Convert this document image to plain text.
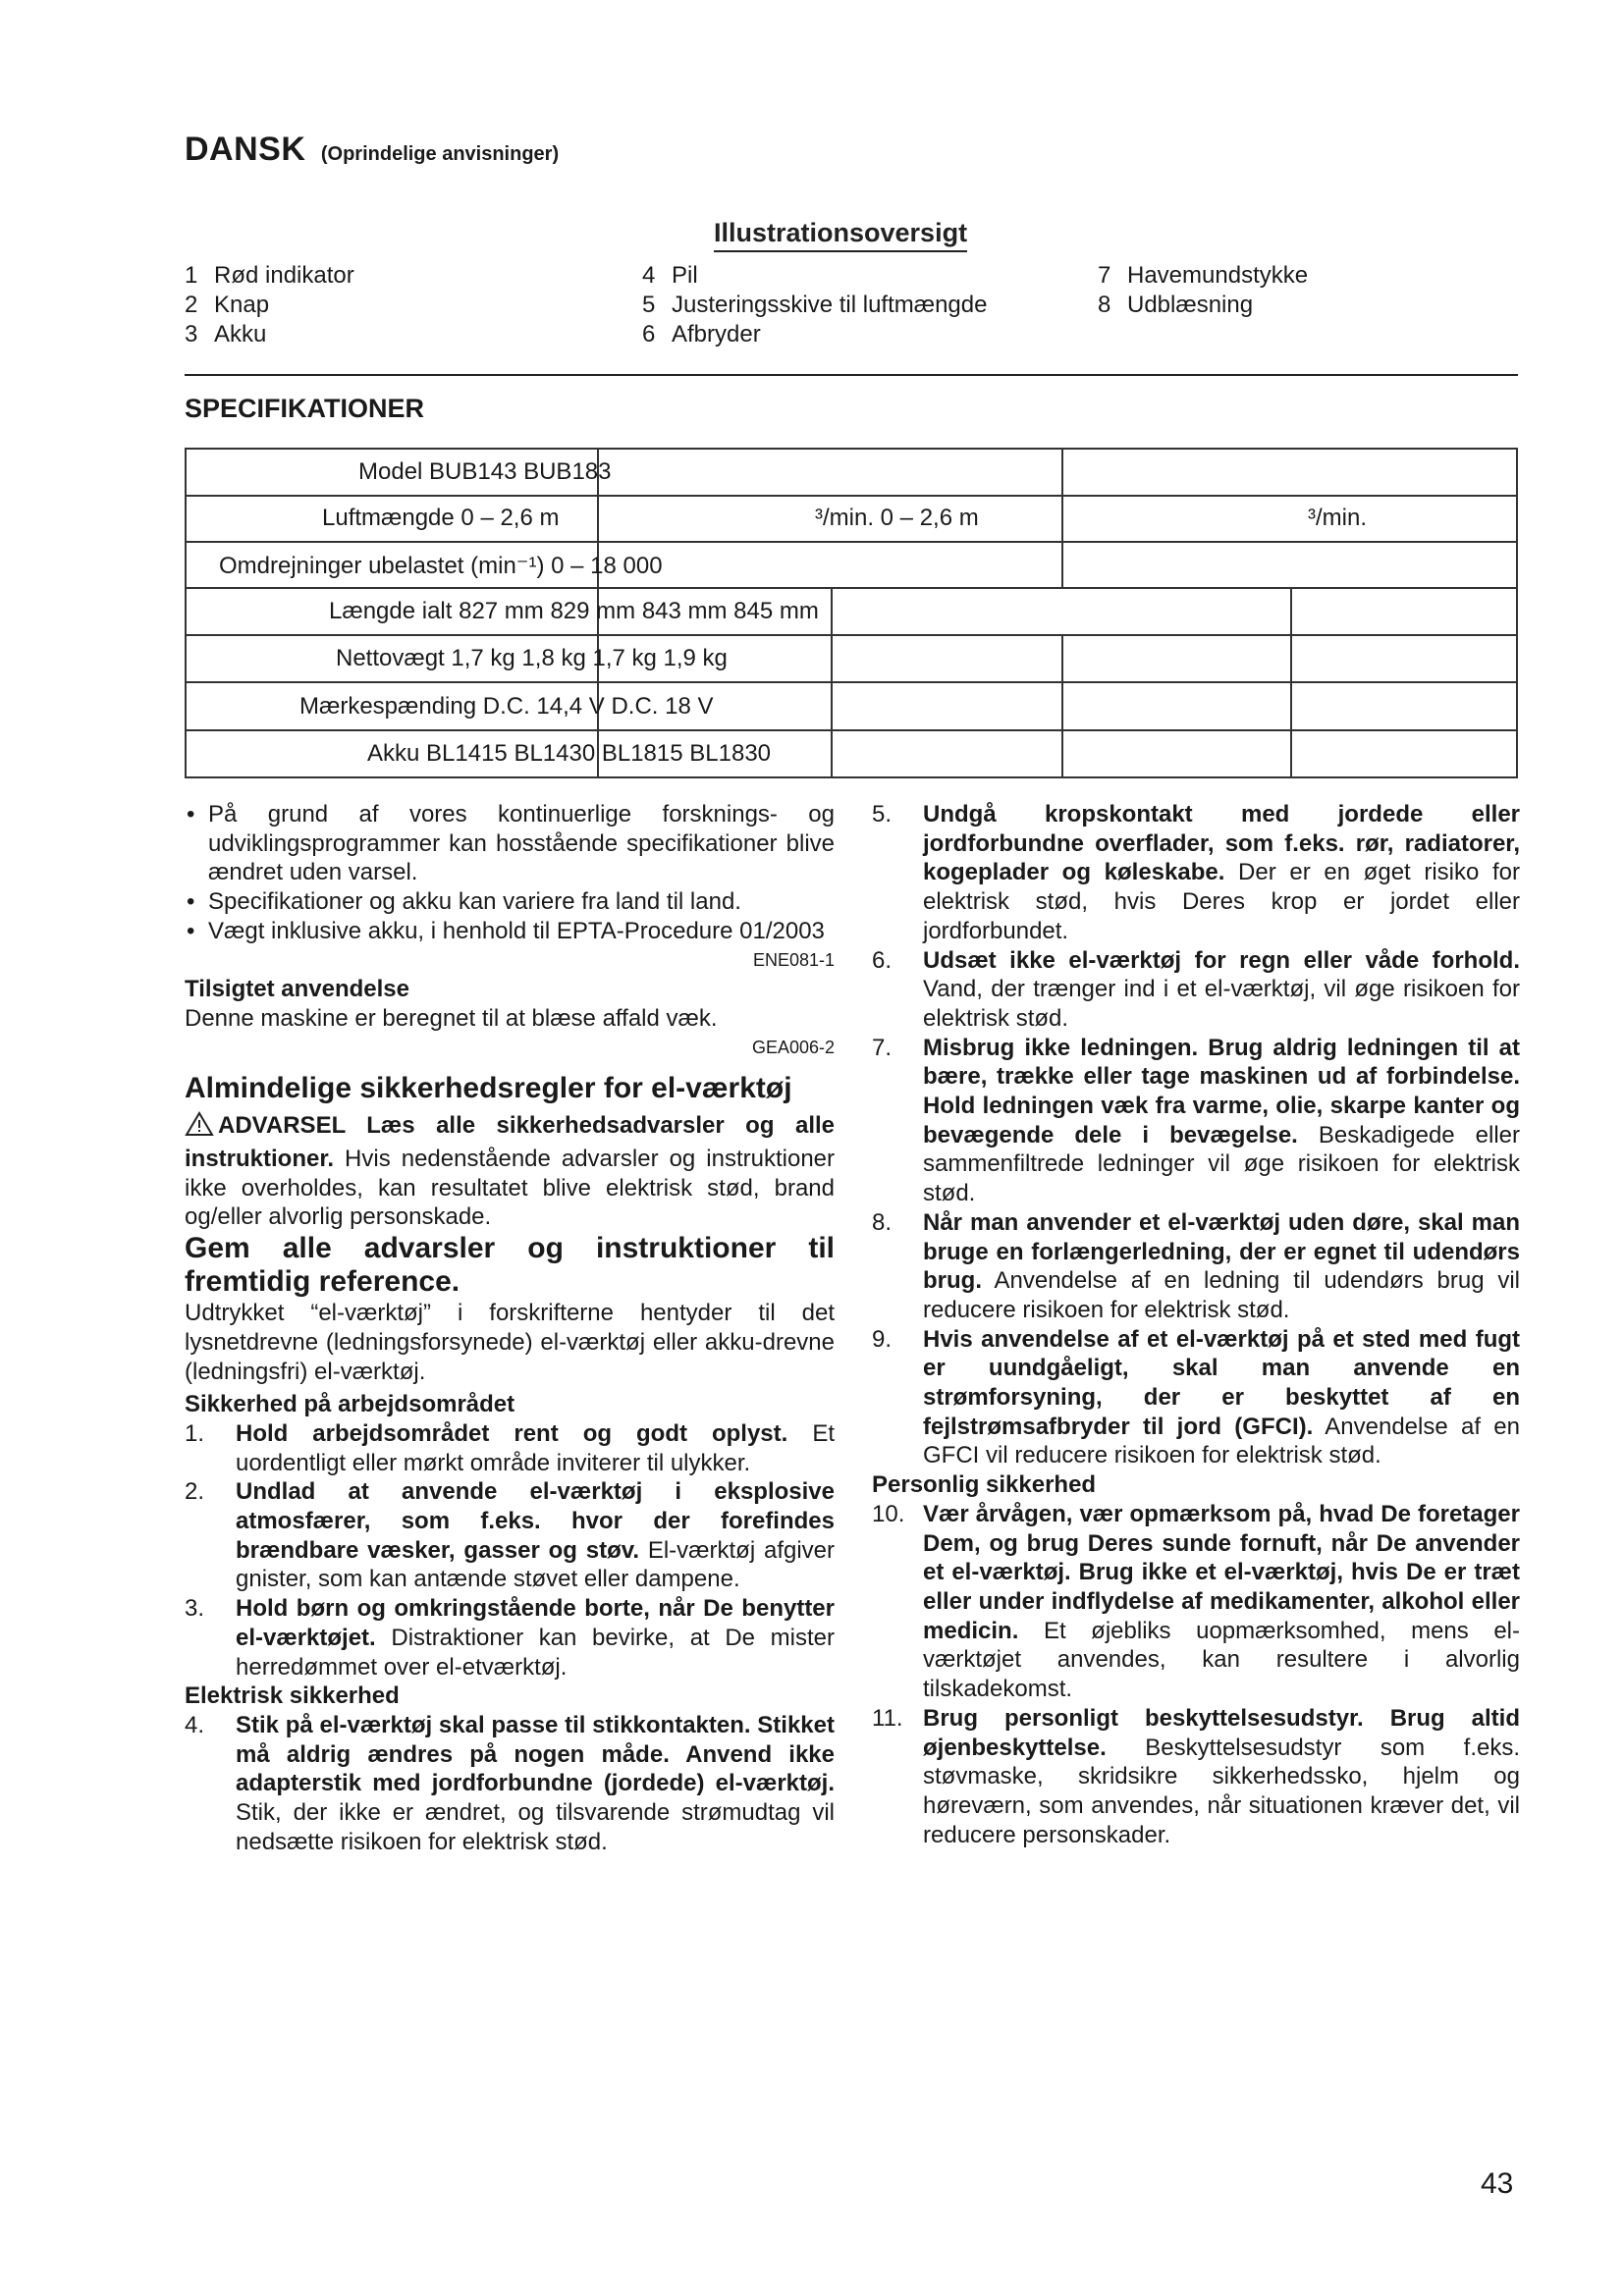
DANSK (Oprindelige anvisninger)
Illustrationsoversigt
1 Rød indikator
2 Knap
3 Akku
4 Pil
5 Justeringsskive til luftmængde
6 Afbryder
7 Havemundstykke
8 Udblæsning
SPECIFIKATIONER
Model BUB143 BUB183
Luftmængde 0 – 2,6 m	³/min. 0 – 2,6 m	³/min.
Omdrejninger ubelastet (min⁻¹) 0 – 18 000
Længde ialt 827 mm 829 mm 843 mm 845 mm
Nettovægt 1,7 kg 1,8 kg 1,7 kg 1,9 kg
Mærkespænding D.C. 14,4 V D.C. 18 V
Akku BL1415 BL1430 BL1815 BL1830

• På grund af vores kontinuerlige forsknings- og udviklingsprogrammer kan hosstående specifikationer blive ændret uden varsel.

• Specifikationer og akku kan variere fra land til land.

• Vægt inklusive akku, i henhold til EPTA-Procedure 01/2003

ENE081-1

Tilsigtet anvendelse

Denne maskine er beregnet til at blæse affald væk.

GEA006-2

Almindelige sikkerhedsregler for el-værktøj

ADVARSEL Læs alle sikkerhedsadvarsler og alle instruktioner. Hvis nedenstående advarsler og instruktioner ikke overholdes, kan resultatet blive elektrisk stød, brand og/eller alvorlig personskade.

Gem alle advarsler og instruktioner til fremtidig reference.

Udtrykket “el-værktøj” i forskrifterne hentyder til det lysnetdrevne (ledningsforsynede) el-værktøj eller akku-drevne (ledningsfri) el-værktøj.

Sikkerhed på arbejdsområdet

1. Hold arbejdsområdet rent og godt oplyst. Et uordentligt eller mørkt område inviterer til ulykker.

2. Undlad at anvende el-værktøj i eksplosive atmosfærer, som f.eks. hvor der forefindes brændbare væsker, gasser og støv. El-værktøj afgiver gnister, som kan antænde støvet eller dampene.

3. Hold børn og omkringstående borte, når De benytter el-værktøjet. Distraktioner kan bevirke, at De mister herredømmet over el-etværktøj.

Elektrisk sikkerhed

4. Stik på el-værktøj skal passe til stikkontakten. Stikket må aldrig ændres på nogen måde. Anvend ikke adapterstik med jordforbundne (jordede) el-værktøj. Stik, der ikke er ændret, og tilsvarende strømudtag vil nedsætte risikoen for elektrisk stød.

5. Undgå kropskontakt med jordede eller jordforbundne overflader, som f.eks. rør, radiatorer, kogeplader og køleskabe. Der er en øget risiko for elektrisk stød, hvis Deres krop er jordet eller jordforbundet.

6. Udsæt ikke el-værktøj for regn eller våde forhold. Vand, der trænger ind i et el-værktøj, vil øge risikoen for elektrisk stød.

7. Misbrug ikke ledningen. Brug aldrig ledningen til at bære, trække eller tage maskinen ud af forbindelse. Hold ledningen væk fra varme, olie, skarpe kanter og bevægende dele i bevægelse. Beskadigede eller sammenfiltrede ledninger vil øge risikoen for elektrisk stød.

8. Når man anvender et el-værktøj uden døre, skal man bruge en forlængerledning, der er egnet til udendørs brug. Anvendelse af en ledning til udendørs brug vil reducere risikoen for elektrisk stød.

9. Hvis anvendelse af et el-værktøj på et sted med fugt er uundgåeligt, skal man anvende en strømforsyning, der er beskyttet af en fejlstrømsafbryder til jord (GFCI). Anvendelse af en GFCI vil reducere risikoen for elektrisk stød.

Personlig sikkerhed

10. Vær årvågen, vær opmærksom på, hvad De foretager Dem, og brug Deres sunde fornuft, når De anvender et el-værktøj. Brug ikke et el-værktøj, hvis De er træt eller under indflydelse af medikamenter, alkohol eller medicin. Et øjebliks uopmærksomhed, mens el-værktøjet anvendes, kan resultere i alvorlig tilskadekomst.

11. Brug personligt beskyttelsesudstyr. Brug altid øjenbeskyttelse. Beskyttelsesudstyr som f.eks. støvmaske, skridsikre sikkerhedssko, hjelm og høreværn, som anvendes, når situationen kræver det, vil reducere personskader.

43
